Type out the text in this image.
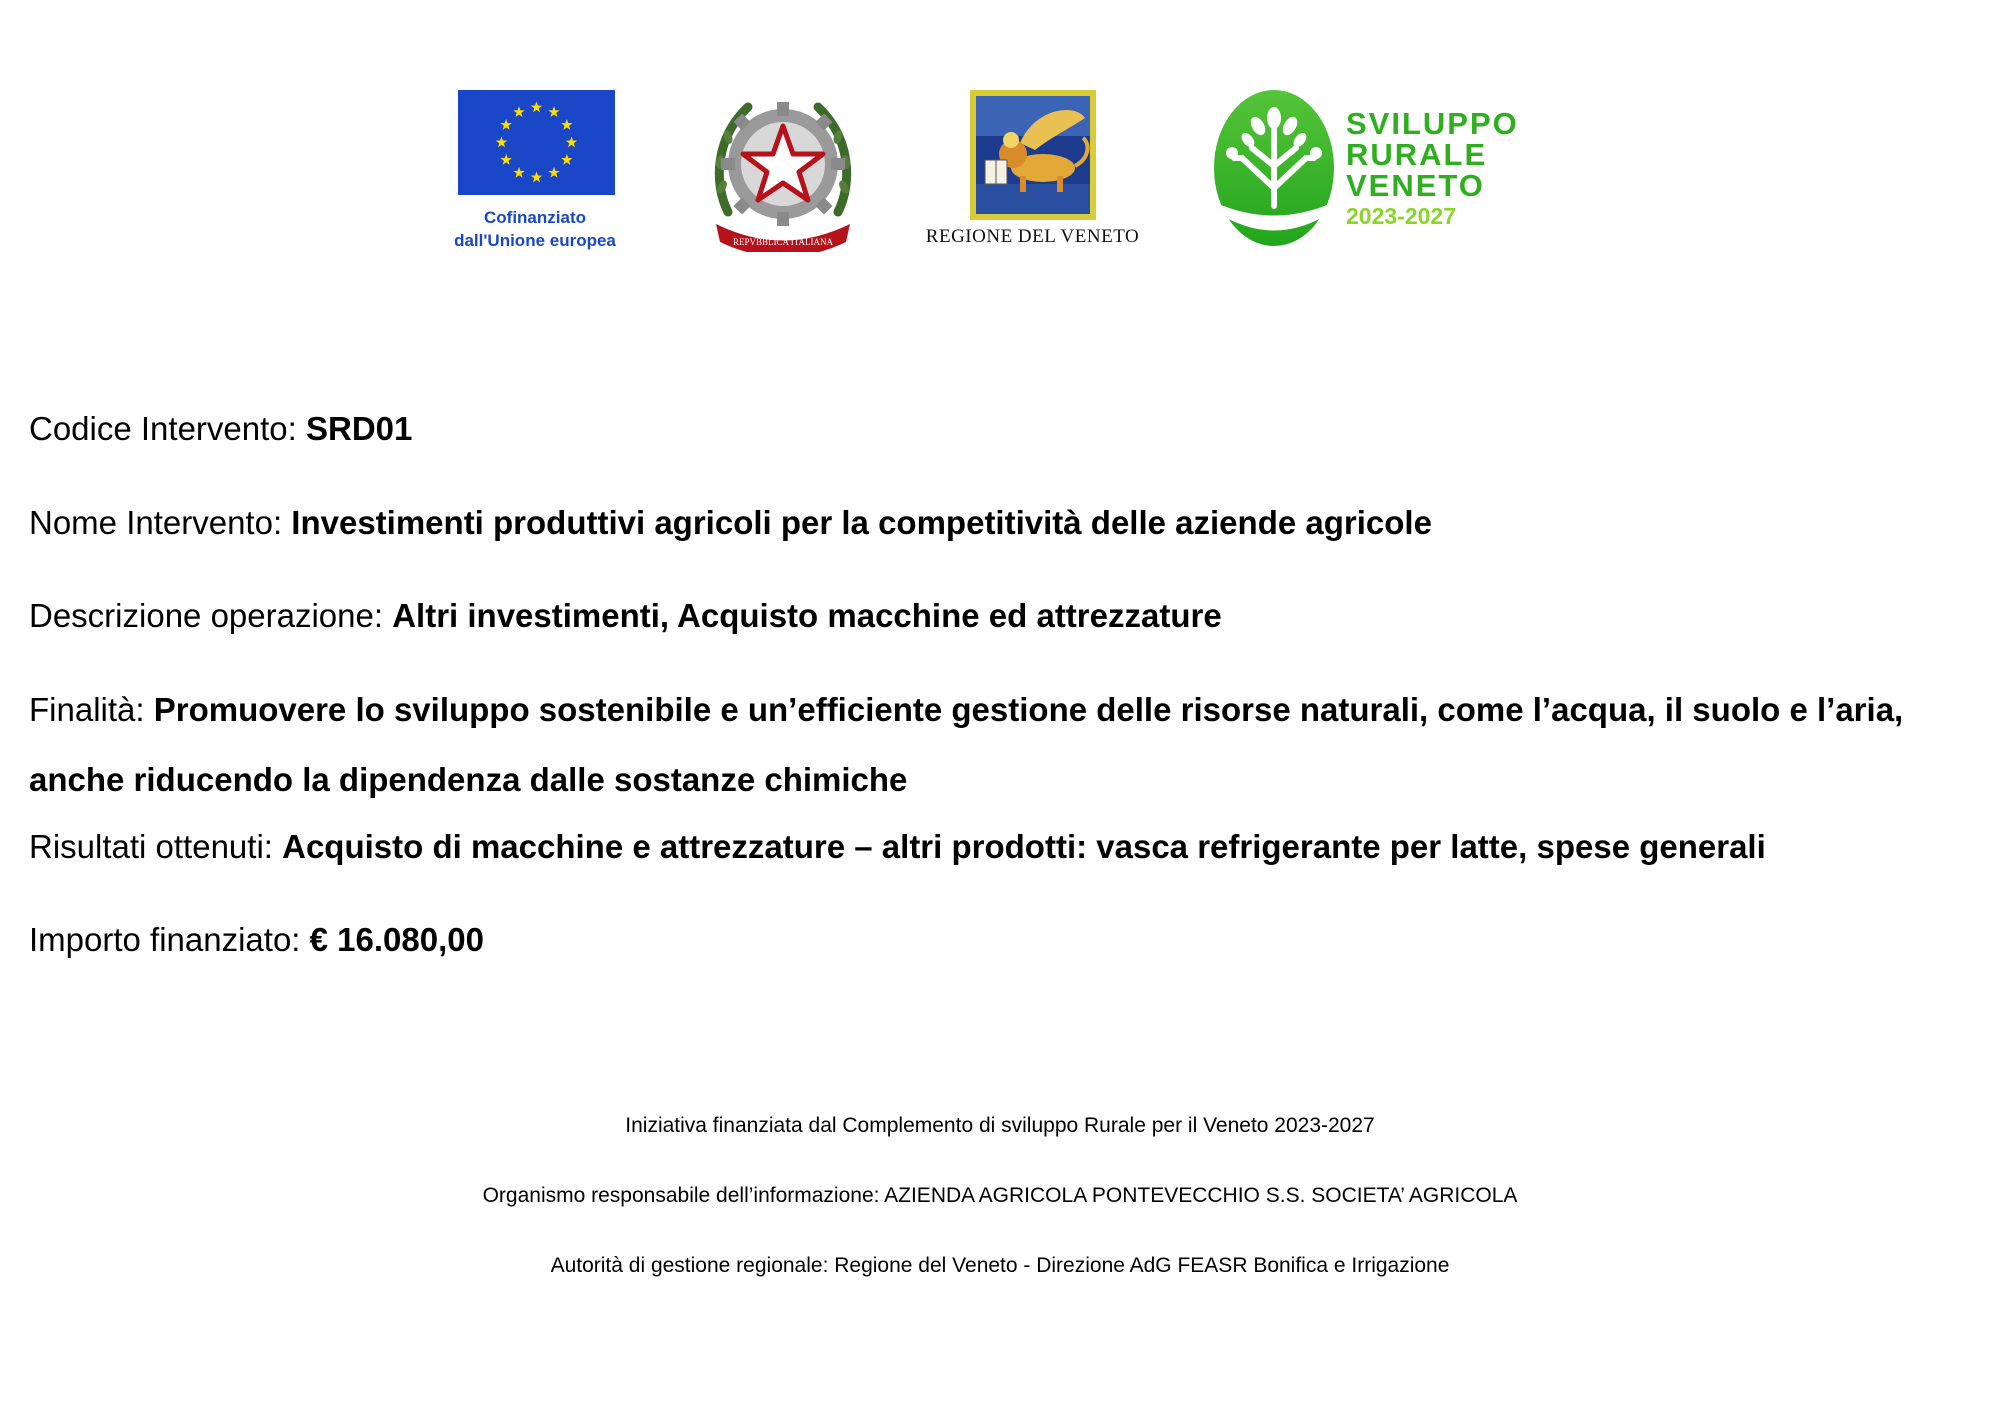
Cofinanziato
dall'Unione europea	REPVBBLICA ITALIANA	REGIONE DEL VENETO
SVILUPPO
RURALE
VENETO
2023-2027
Codice Intervento: SRD01
Nome Intervento: Investimenti produttivi agricoli per la competitività delle aziende agricole
Descrizione operazione: Altri investimenti, Acquisto macchine ed attrezzature
Finalità: Promuovere lo sviluppo sostenibile e un’efficiente gestione delle risorse naturali, come l’acqua, il suolo e l’aria, anche riducendo la dipendenza dalle sostanze chimiche
Risultati ottenuti: Acquisto di macchine e attrezzature – altri prodotti: vasca refrigerante per latte, spese generali
Importo finanziato: € 16.080,00
Iniziativa finanziata dal Complemento di sviluppo Rurale per il Veneto 2023-2027
Organismo responsabile dell’informazione: AZIENDA AGRICOLA PONTEVECCHIO S.S. SOCIETA’ AGRICOLA
Autorità di gestione regionale: Regione del Veneto - Direzione AdG FEASR Bonifica e Irrigazione
